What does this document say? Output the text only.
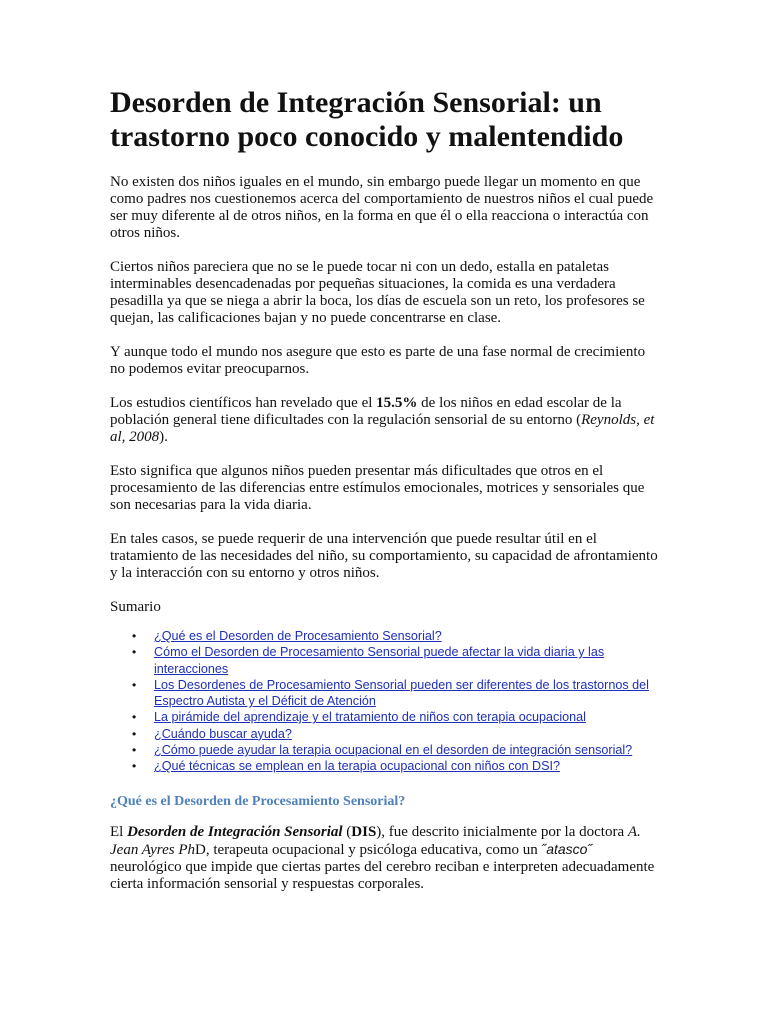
Desorden de Integración Sensorial: un trastorno poco conocido y malentendido

No existen dos niños iguales en el mundo, sin embargo puede llegar un momento en que como padres nos cuestionemos acerca del comportamiento de nuestros niños el cual puede ser muy diferente al de otros niños, en la forma en que él o ella reacciona o interactúa con otros niños.

Ciertos niños pareciera que no se le puede tocar ni con un dedo, estalla en pataletas interminables desencadenadas por pequeñas situaciones, la comida es una verdadera pesadilla ya que se niega a abrir la boca, los días de escuela son un reto, los profesores se quejan, las calificaciones bajan y no puede concentrarse en clase.

Y aunque todo el mundo nos asegure que esto es parte de una fase normal de crecimiento no podemos evitar preocuparnos.

Los estudios científicos han revelado que el 15.5% de los niños en edad escolar de la población general tiene dificultades con la regulación sensorial de su entorno (Reynolds, et al, 2008).

Esto significa que algunos niños pueden presentar más dificultades que otros en el procesamiento de las diferencias entre estímulos emocionales, motrices y sensoriales que son necesarias para la vida diaria.

En tales casos, se puede requerir de una intervención que puede resultar útil en el tratamiento de las necesidades del niño, su comportamiento, su capacidad de afrontamiento y la interacción con su entorno y otros niños.

Sumario

• ¿Qué es el Desorden de Procesamiento Sensorial?
• Cómo el Desorden de Procesamiento Sensorial puede afectar la vida diaria y las interacciones
• Los Desordenes de Procesamiento Sensorial pueden ser diferentes de los trastornos del Espectro Autista y el Déficit de Atención
• La pirámide del aprendizaje y el tratamiento de niños con terapia ocupacional
• ¿Cuándo buscar ayuda?
• ¿Cómo puede ayudar la terapia ocupacional en el desorden de integración sensorial?
• ¿Qué técnicas se emplean en la terapia ocupacional con niños con DSI?
¿Qué es el Desorden de Procesamiento Sensorial?

El Desorden de Integración Sensorial (DIS), fue descrito inicialmente por la doctora A. Jean Ayres PhD, terapeuta ocupacional y psicóloga educativa, como un ˝atasco˝ neurológico que impide que ciertas partes del cerebro reciban e interpreten adecuadamente cierta información sensorial y respuestas corporales.
